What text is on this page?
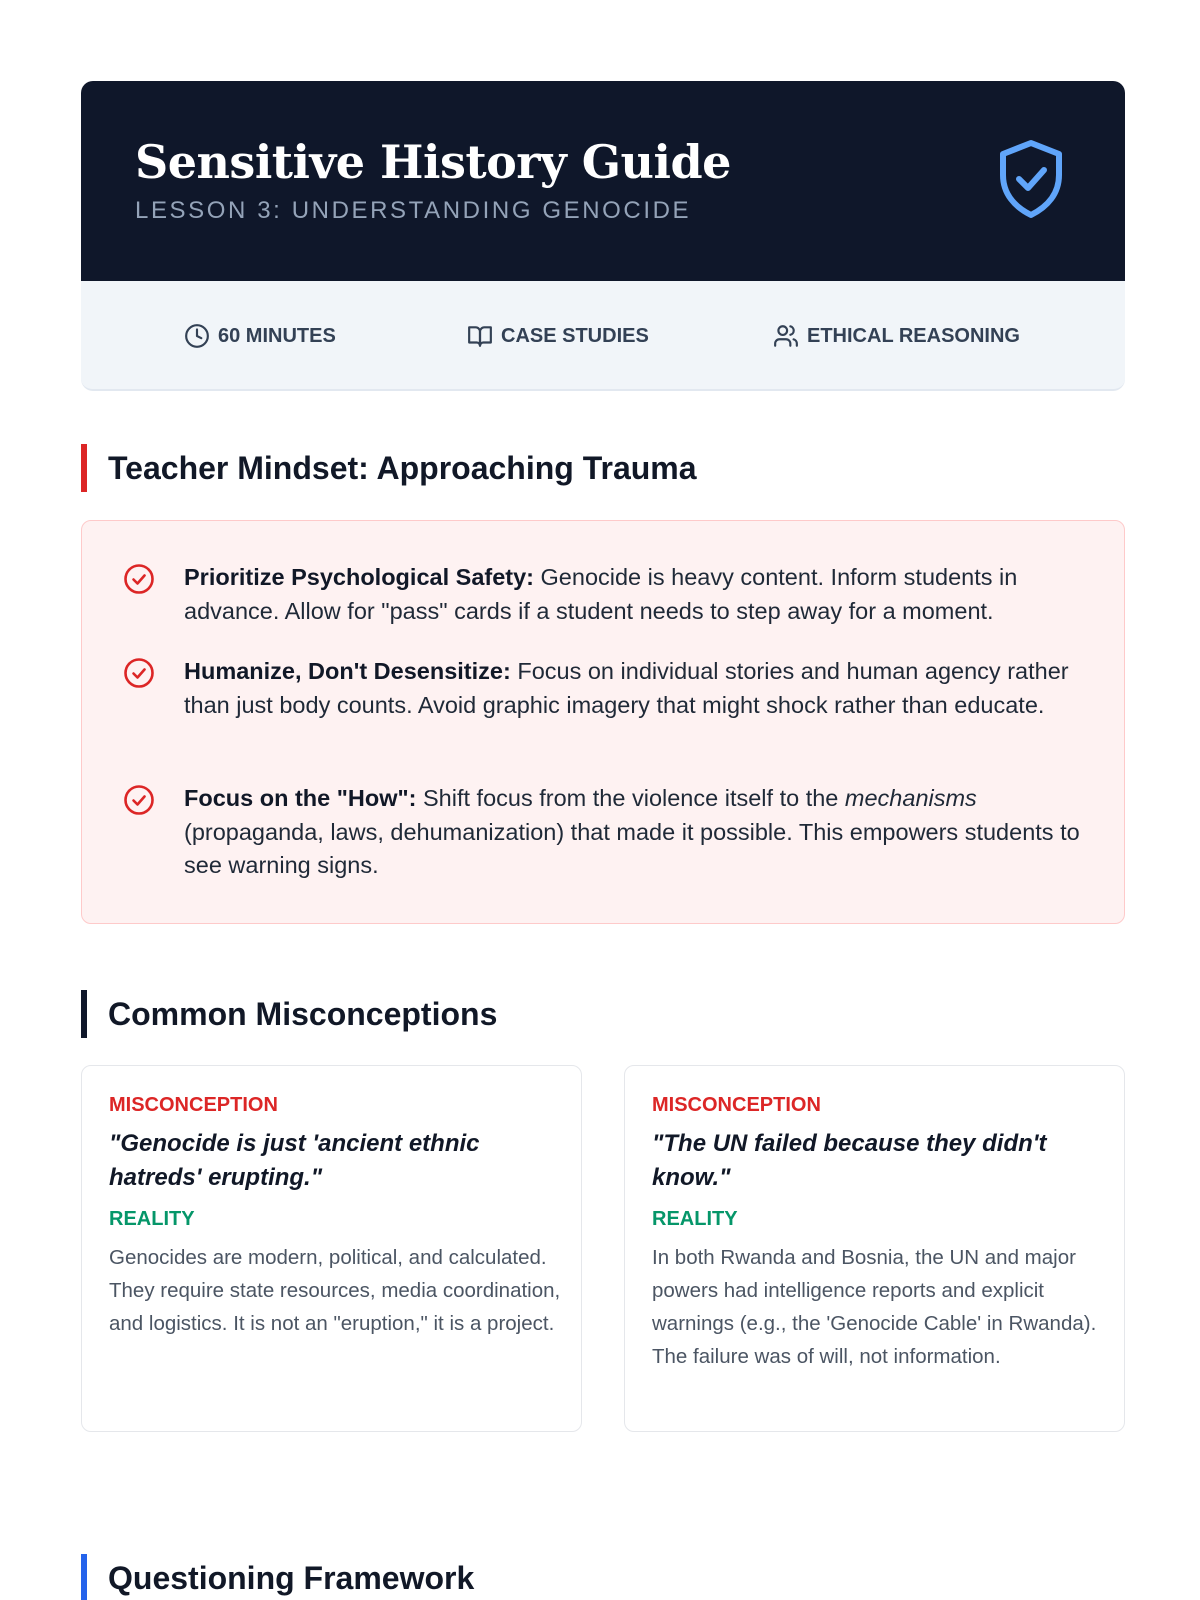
Sensitive History Guide
LESSON 3: UNDERSTANDING GENOCIDE
60 MINUTES	CASE STUDIES	ETHICAL REASONING
Teacher Mindset: Approaching Trauma
Prioritize Psychological Safety: Genocide is heavy content. Inform students in advance. Allow for "pass" cards if a student needs to step away for a moment.
Humanize, Don't Desensitize: Focus on individual stories and human agency rather than just body counts. Avoid graphic imagery that might shock rather than educate.
Focus on the "How": Shift focus from the violence itself to the mechanisms (propaganda, laws, dehumanization) that made it possible. This empowers students to see warning signs.
Common Misconceptions
MISCONCEPTION
"Genocide is just 'ancient ethnic hatreds' erupting."
REALITY
Genocides are modern, political, and calculated. They require state resources, media coordination, and logistics. It is not an "eruption," it is a project.
MISCONCEPTION
"The UN failed because they didn't know."
REALITY
In both Rwanda and Bosnia, the UN and major powers had intelligence reports and explicit warnings (e.g., the 'Genocide Cable' in Rwanda). The failure was of will, not information.
Questioning Framework
